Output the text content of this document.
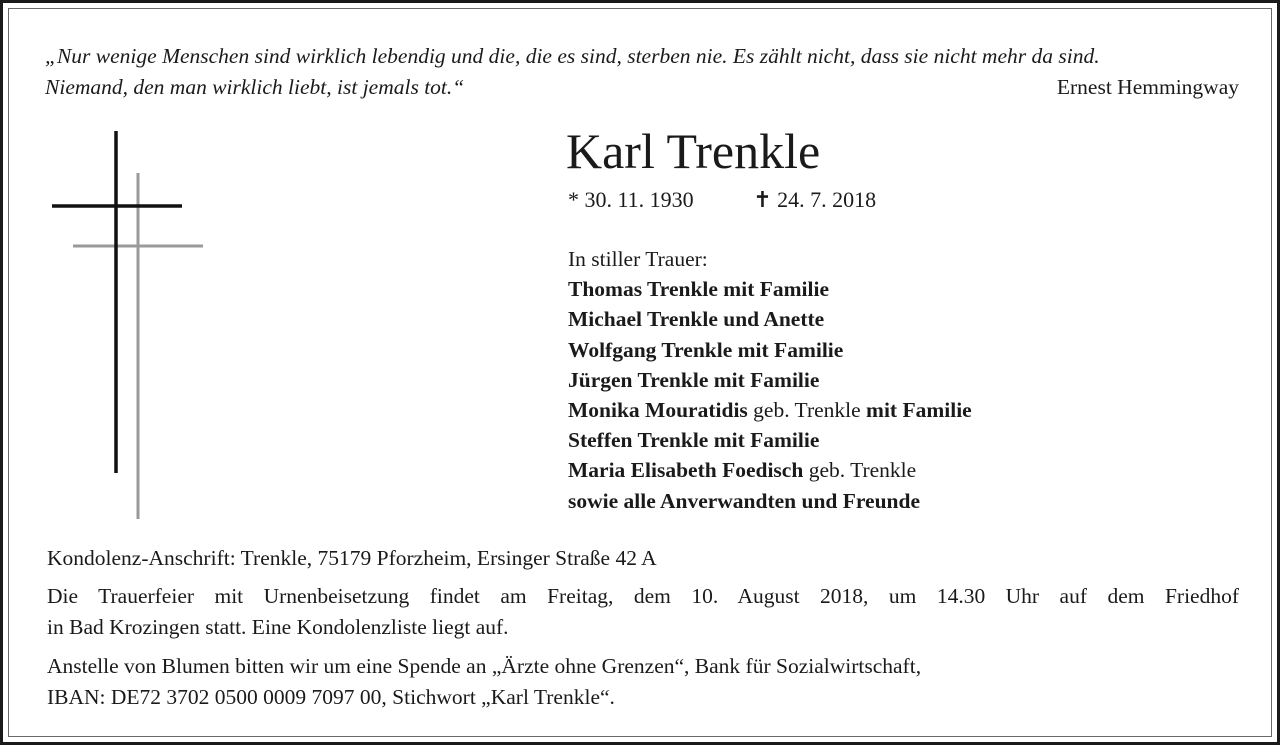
„Nur wenige Menschen sind wirklich lebendig und die, die es sind, sterben nie. Es zählt nicht, dass sie nicht mehr da sind.
Niemand, den man wirklich liebt, ist jemals tot.“	Ernest Hemmingway
Karl Trenkle
* 30. 11. 1930	✝ 24. 7. 2018
In stiller Trauer:
Thomas Trenkle mit Familie
Michael Trenkle und Anette
Wolfgang Trenkle mit Familie
Jürgen Trenkle mit Familie
Monika Mouratidis geb. Trenkle mit Familie
Steffen Trenkle mit Familie
Maria Elisabeth Foedisch geb. Trenkle
sowie alle Anverwandten und Freunde
Kondolenz-Anschrift: Trenkle, 75179 Pforzheim, Ersinger Straße 42 A
Die Trauerfeier mit Urnenbeisetzung findet am Freitag, dem 10. August 2018, um 14.30 Uhr auf dem Friedhof
in Bad Krozingen statt. Eine Kondolenzliste liegt auf.
Anstelle von Blumen bitten wir um eine Spende an „Ärzte ohne Grenzen“, Bank für Sozialwirtschaft,
IBAN: DE72 3702 0500 0009 7097 00, Stichwort „Karl Trenkle“.
